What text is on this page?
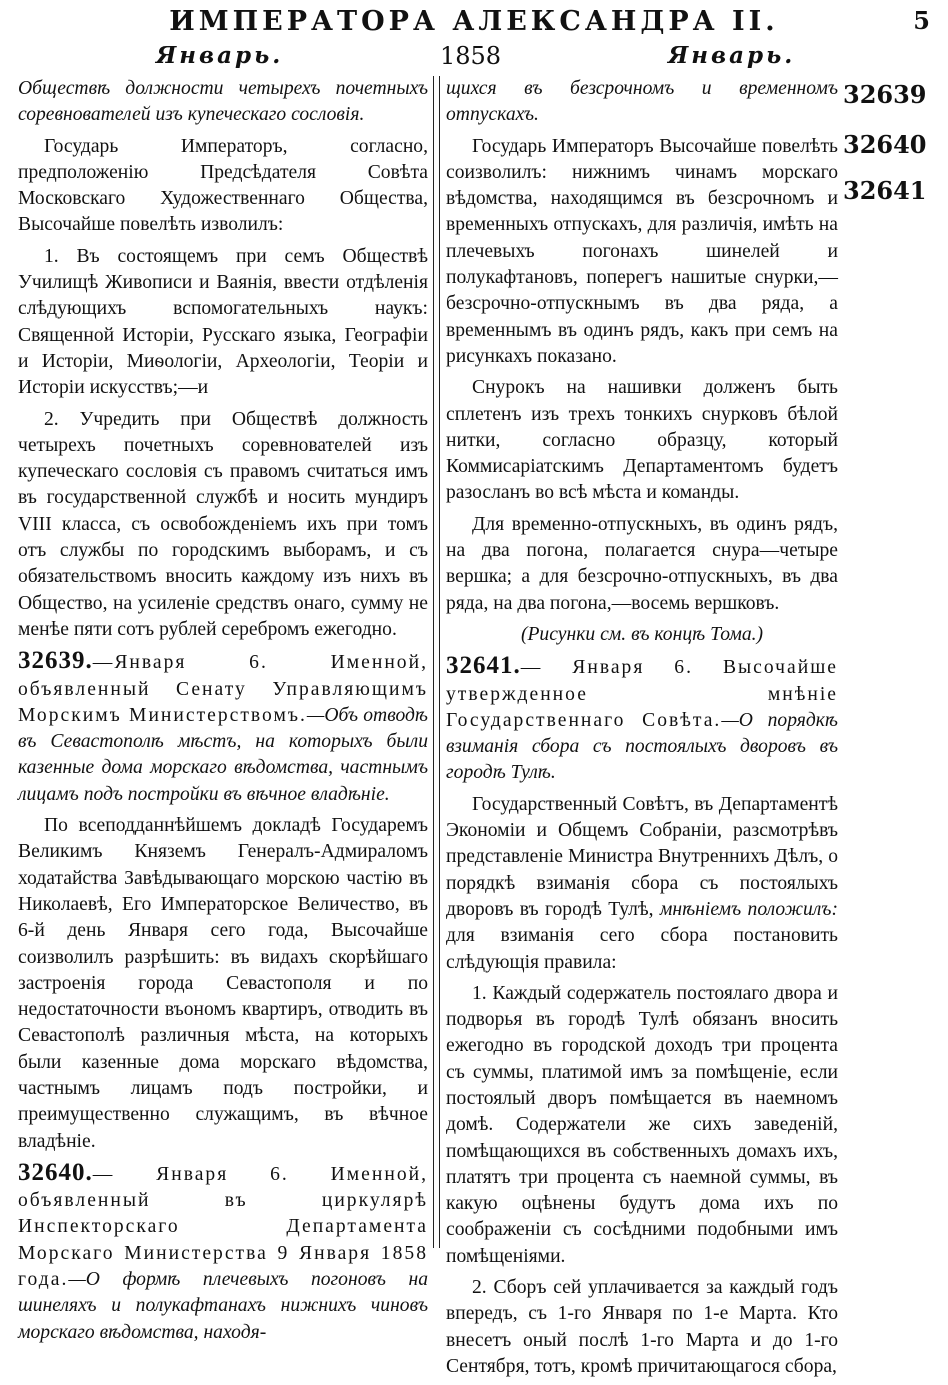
ИМПЕРАТОРА АЛЕКСАНДРА II.	5
Январь.	1858	Январь.

Обществѣ должности четырехъ почетныхъ соревнователей изъ купеческаго сословія.

Государь Императоръ, согласно, предположенію Предсѣдателя Совѣта Московскаго Художественнаго Общества, Высочайше повелѣть изволилъ:

1. Въ состоящемъ при семъ Обществѣ Училищѣ Живописи и Ваянія, ввести отдѣленія слѣдующихъ вспомогательныхъ наукъ: Священной Исторіи, Русскаго языка, Географіи и Исторіи, Миѳологіи, Археологіи, Теоріи и Исторіи искусствъ;—и

2. Учредить при Обществѣ должность четырехъ почетныхъ соревнователей изъ купеческаго сословія съ правомъ считаться имъ въ государственной службѣ и носить мундиръ VIII класса, съ освобожденіемъ ихъ при томъ отъ службы по городскимъ выборамъ, и съ обязательствомъ вносить каждому изъ нихъ въ Общество, на усиленіе средствъ онаго, сумму не менѣе пяти сотъ рублей серебромъ ежегодно.

32639.—Января 6. Именной, объявленный Сенату Управляющимъ Морскимъ Министерствомъ.—Объ отводѣ въ Севастополѣ мѣстъ, на которыхъ были казенные дома морскаго вѣдомства, частнымъ лицамъ подъ постройки въ вѣчное владѣніе.

По всеподданнѣйшемъ докладѣ Государемъ Великимъ Княземъ Генералъ-Адмираломъ ходатайства Завѣдывающаго морскою частію въ Николаевѣ, Его Императорское Величество, въ 6-й день Января сего года, Высочайше соизволилъ разрѣшить: въ видахъ скорѣйшаго застроенія города Севастополя и по недостаточности въономъ квартиръ, отводить въ Севастополѣ различныя мѣста, на которыхъ были казенные дома морскаго вѣдомства, частнымъ лицамъ подъ постройки, и преимущественно служащимъ, въ вѣчное владѣніе.

32640.— Января 6. Именной, объявленный въ циркулярѣ Инспекторскаго Департамента Морскаго Министерства 9 Января 1858 года.—О формѣ плечевыхъ погоновъ на шинеляхъ и полукафтанахъ нижнихъ чиновъ морскаго вѣдомства, находя-

щихся въ безсрочномъ и временномъ отпускахъ.

Государь Императоръ Высочайше повелѣть соизволилъ: нижнимъ чинамъ морскаго вѣдомства, находящимся въ безсрочномъ и временныхъ отпускахъ, для различія, имѣть на плечевыхъ погонахъ шинелей и полукафтановъ, поперегъ нашитые снурки,—безсрочно-отпускнымъ въ два ряда, а временнымъ въ одинъ рядъ, какъ при семъ на рисункахъ показано.

Снурокъ на нашивки долженъ быть сплетенъ изъ трехъ тонкихъ снурковъ бѣлой нитки, согласно образцу, который Коммисаріатскимъ Департаментомъ будетъ разосланъ во всѣ мѣста и команды.

Для временно-отпускныхъ, въ одинъ рядъ, на два погона, полагается снура—четыре вершка; а для безсрочно-отпускныхъ, въ два ряда, на два погона,—восемь вершковъ.

(Рисунки см. въ концѣ Тома.)

32641.— Января 6. Высочайше утвержденное мнѣніе Государственнаго Совѣта.—О порядкѣ взиманія сбора съ постоялыхъ дворовъ въ городѣ Тулѣ.

Государственный Совѣтъ, въ Департаментѣ Экономіи и Общемъ Собраніи, разсмотрѣвъ представленіе Министра Внутреннихъ Дѣлъ, о порядкѣ взиманія сбора съ постоялыхъ дворовъ въ городѣ Тулѣ, мнѣніемъ положилъ: для взиманія сего сбора постановить слѣдующія правила:

1. Каждый содержатель постоялаго двора и подворья въ городѣ Тулѣ обязанъ вносить ежегодно въ городской доходъ три процента съ суммы, платимой имъ за помѣщеніе, если постоялый дворъ помѣщается въ наемномъ домѣ. Содержатели же сихъ заведеній, помѣщающихся въ собственныхъ домахъ ихъ, платятъ три процента съ наемной суммы, въ какую оцѣнены будутъ дома ихъ по соображеніи съ сосѣдними подобными имъ помѣщеніями.

2. Сборъ сей уплачивается за каждый годъ впередъ, съ 1-го Января по 1-е Марта. Кто внесетъ оный послѣ 1-го Марта и до 1-го Сентября, тотъ, кромѣ причитающагося сбора,

32639
32640
32641
